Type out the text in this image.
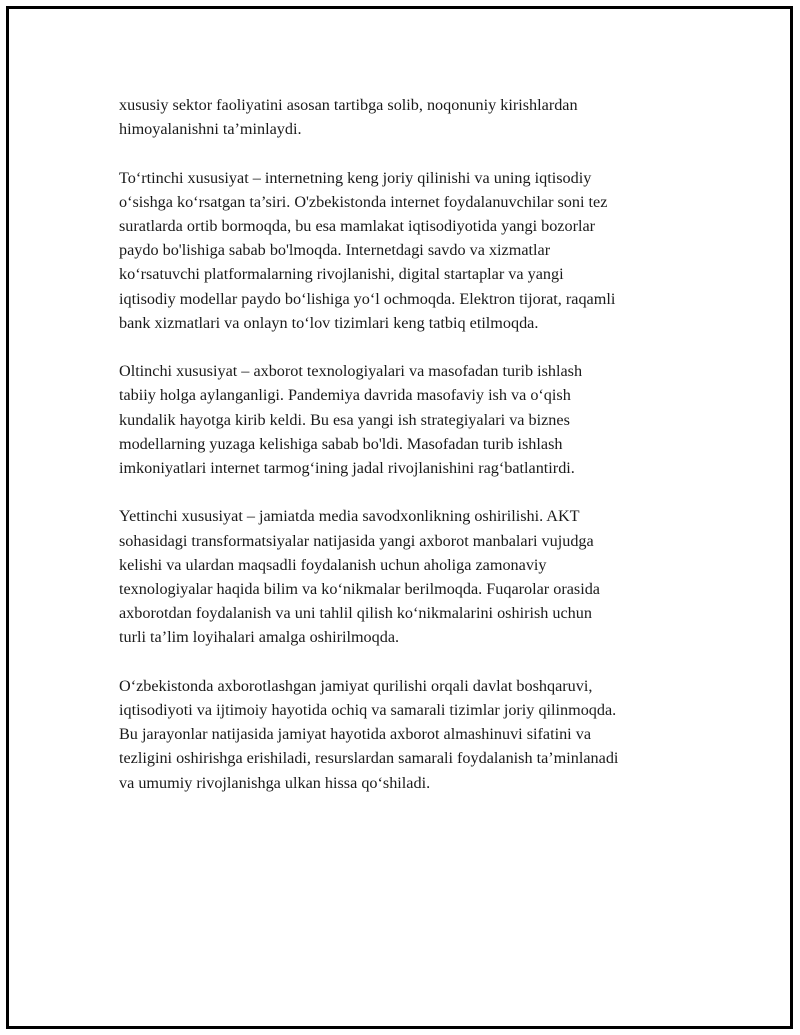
xususiy sektor faoliyatini asosan tartibga solib, noqonuniy kirishlardan

himoyalanishni ta’minlaydi.

To‘rtinchi xususiyat – internetning keng joriy qilinishi va uning iqtisodiy

o‘sishga ko‘rsatgan ta’siri. O'zbekistonda internet foydalanuvchilar soni tez

suratlarda ortib bormoqda, bu esa mamlakat iqtisodiyotida yangi bozorlar

paydo bo'lishiga sabab bo'lmoqda. Internetdagi savdo va xizmatlar

ko‘rsatuvchi platformalarning rivojlanishi, digital startaplar va yangi

iqtisodiy modellar paydo bo‘lishiga yo‘l ochmoqda. Elektron tijorat, raqamli

bank xizmatlari va onlayn to‘lov tizimlari keng tatbiq etilmoqda.

Oltinchi xususiyat – axborot texnologiyalari va masofadan turib ishlash

tabiiy holga aylanganligi. Pandemiya davrida masofaviy ish va o‘qish

kundalik hayotga kirib keldi. Bu esa yangi ish strategiyalari va biznes

modellarning yuzaga kelishiga sabab bo'ldi. Masofadan turib ishlash

imkoniyatlari internet tarmog‘ining jadal rivojlanishini rag‘batlantirdi.

Yettinchi xususiyat – jamiatda media savodxonlikning oshirilishi. AKT

sohasidagi transformatsiyalar natijasida yangi axborot manbalari vujudga

kelishi va ulardan maqsadli foydalanish uchun aholiga zamonaviy

texnologiyalar haqida bilim va ko‘nikmalar berilmoqda. Fuqarolar orasida

axborotdan foydalanish va uni tahlil qilish ko‘nikmalarini oshirish uchun

turli ta’lim loyihalari amalga oshirilmoqda.

O‘zbekistonda axborotlashgan jamiyat qurilishi orqali davlat boshqaruvi,

iqtisodiyoti va ijtimoiy hayotida ochiq va samarali tizimlar joriy qilinmoqda.

Bu jarayonlar natijasida jamiyat hayotida axborot almashinuvi sifatini va

tezligini oshirishga erishiladi, resurslardan samarali foydalanish ta’minlanadi

va umumiy rivojlanishga ulkan hissa qo‘shiladi.
